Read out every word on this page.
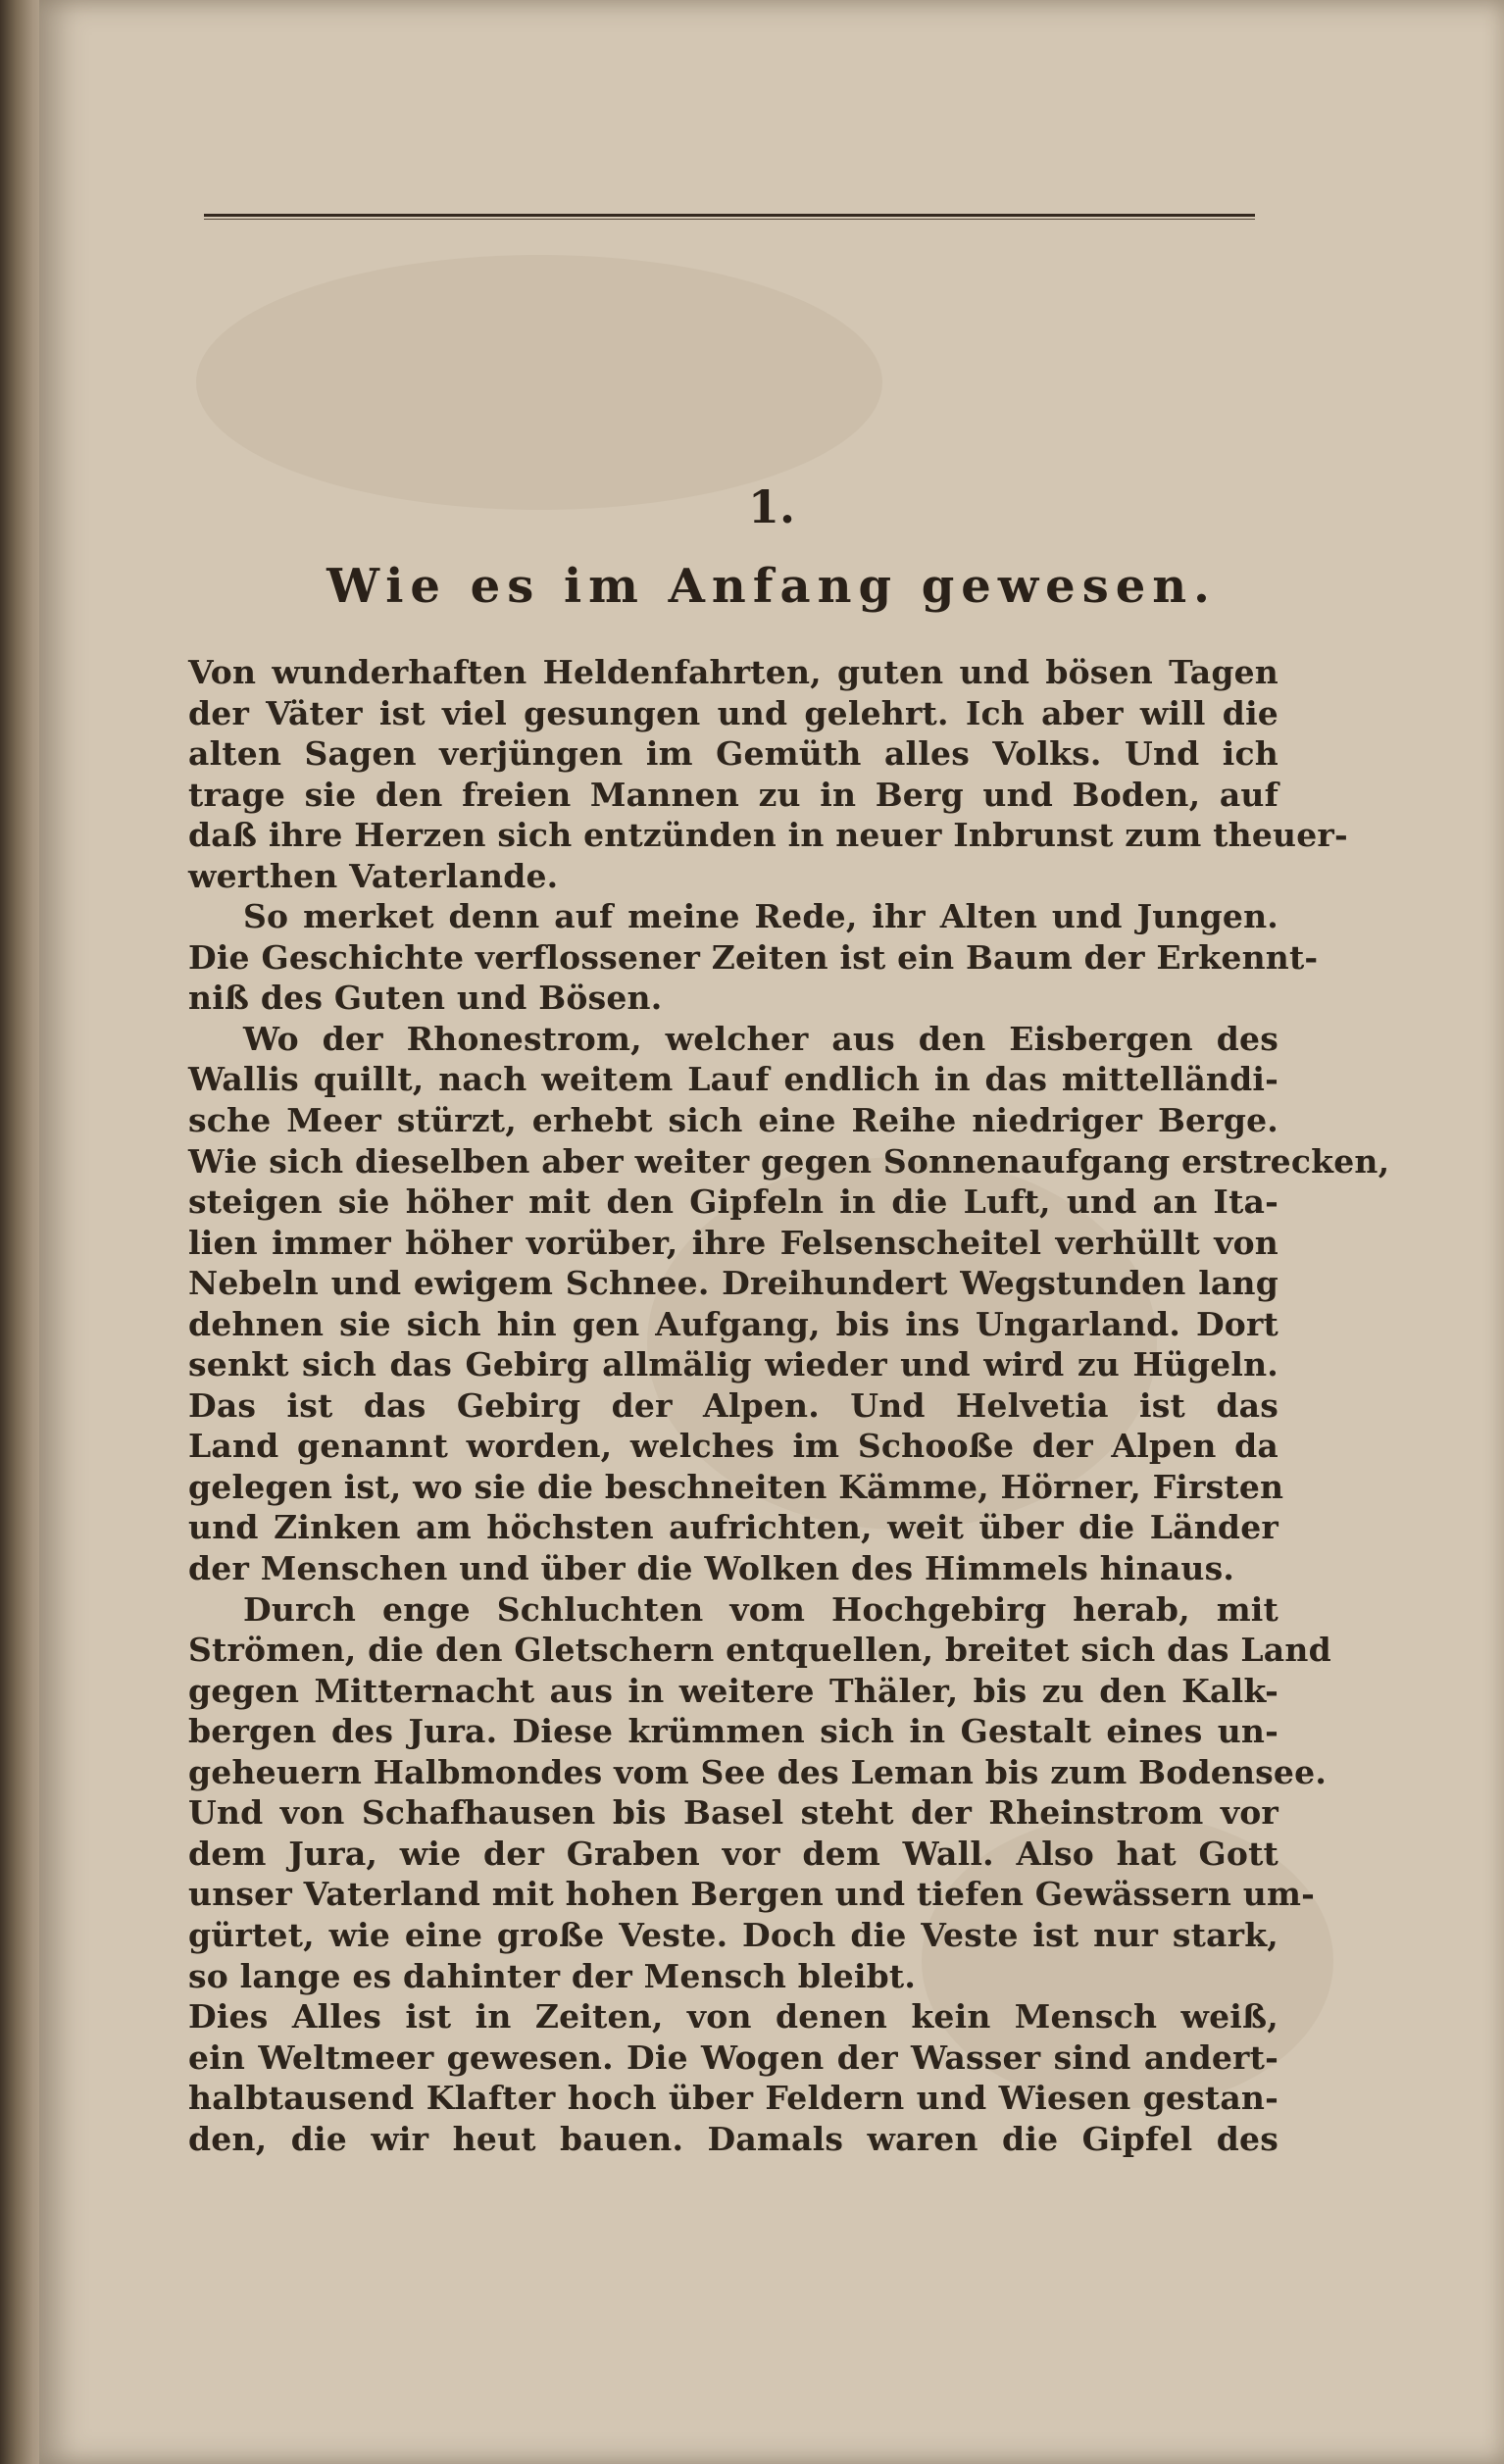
1.
Wie es im Anfang gewesen.
Von wunderhaften Heldenfahrten, guten und bösen Tagen
der Väter ist viel gesungen und gelehrt. Ich aber will die
alten Sagen verjüngen im Gemüth alles Volks. Und ich
trage sie den freien Mannen zu in Berg und Boden, auf
daß ihre Herzen sich entzünden in neuer Inbrunst zum theuer-
werthen Vaterlande.
So merket denn auf meine Rede, ihr Alten und Jungen.
Die Geschichte verflossener Zeiten ist ein Baum der Erkennt-
niß des Guten und Bösen.
Wo der Rhonestrom, welcher aus den Eisbergen des
Wallis quillt, nach weitem Lauf endlich in das mittelländi-
sche Meer stürzt, erhebt sich eine Reihe niedriger Berge.
Wie sich dieselben aber weiter gegen Sonnenaufgang erstrecken,
steigen sie höher mit den Gipfeln in die Luft, und an Ita-
lien immer höher vorüber, ihre Felsenscheitel verhüllt von
Nebeln und ewigem Schnee. Dreihundert Wegstunden lang
dehnen sie sich hin gen Aufgang, bis ins Ungarland. Dort
senkt sich das Gebirg allmälig wieder und wird zu Hügeln.
Das ist das Gebirg der Alpen. Und Helvetia ist das
Land genannt worden, welches im Schooße der Alpen da
gelegen ist, wo sie die beschneiten Kämme, Hörner, Firsten
und Zinken am höchsten aufrichten, weit über die Länder
der Menschen und über die Wolken des Himmels hinaus.
Durch enge Schluchten vom Hochgebirg herab, mit
Strömen, die den Gletschern entquellen, breitet sich das Land
gegen Mitternacht aus in weitere Thäler, bis zu den Kalk-
bergen des Jura. Diese krümmen sich in Gestalt eines un-
geheuern Halbmondes vom See des Leman bis zum Bodensee.
Und von Schafhausen bis Basel steht der Rheinstrom vor
dem Jura, wie der Graben vor dem Wall. Also hat Gott
unser Vaterland mit hohen Bergen und tiefen Gewässern um-
gürtet, wie eine große Veste. Doch die Veste ist nur stark,
so lange es dahinter der Mensch bleibt.
Dies Alles ist in Zeiten, von denen kein Mensch weiß,
ein Weltmeer gewesen. Die Wogen der Wasser sind andert-
halbtausend Klafter hoch über Feldern und Wiesen gestan-
den, die wir heut bauen. Damals waren die Gipfel des
